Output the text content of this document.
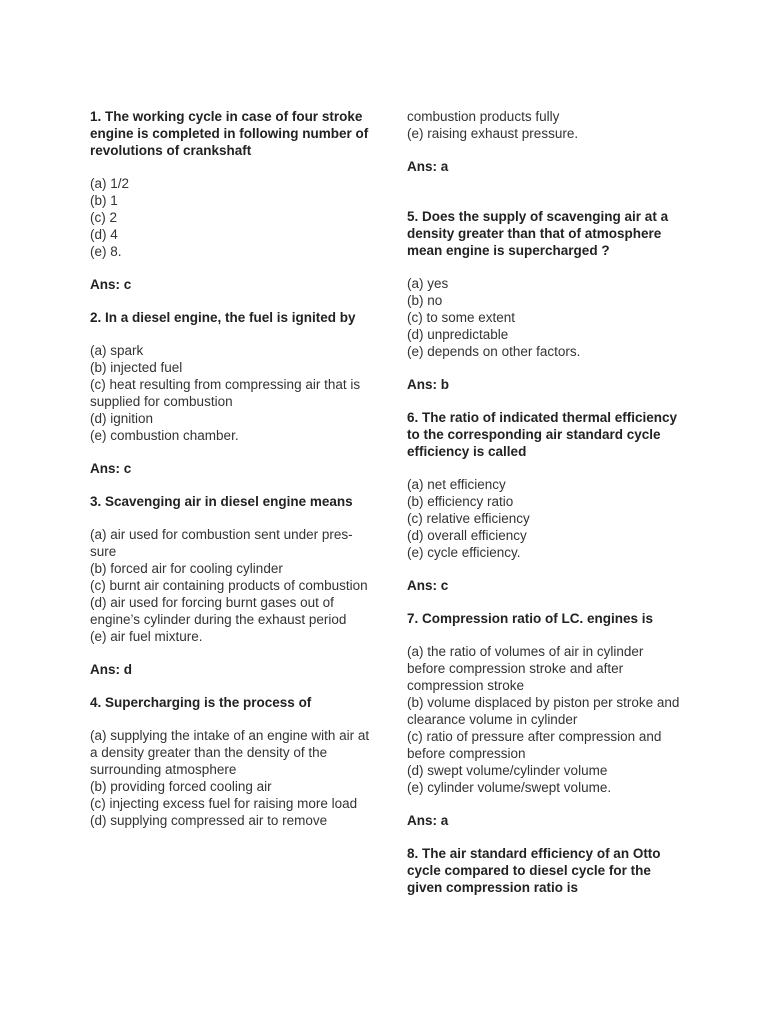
1. The working cycle in case of four stroke engine is completed in following number of revolutions of crankshaft

(a) 1/2
(b) 1
(c) 2
(d) 4
(e) 8.

Ans: c

2. In a diesel engine, the fuel is ignited by

(a) spark
(b) injected fuel
(c) heat resulting from compressing air that is supplied for combustion
(d) ignition
(e) combustion chamber.

Ans: c

3. Scavenging air in diesel engine means

(a) air used for combustion sent under pres-sure
(b) forced air for cooling cylinder
(c) burnt air containing products of combustion
(d) air used for forcing burnt gases out of engine’s cylinder during the exhaust period
(e) air fuel mixture.

Ans: d

4. Supercharging is the process of

(a) supplying the intake of an engine with air at a density greater than the density of the surrounding atmosphere
(b) providing forced cooling air
(c) injecting excess fuel for raising more load
(d) supplying compressed air to remove
combustion products fully
(e) raising exhaust pressure.

Ans: a

5. Does the supply of scavenging air at a density greater than that of atmosphere mean engine is supercharged ?

(a) yes
(b) no
(c) to some extent
(d) unpredictable
(e) depends on other factors.

Ans: b

6. The ratio of indicated thermal efficiency to the corresponding air standard cycle efficiency is called

(a) net efficiency
(b) efficiency ratio
(c) relative efficiency
(d) overall efficiency
(e) cycle efficiency.

Ans: c

7. Compression ratio of LC. engines is

(a) the ratio of volumes of air in cylinder before compression stroke and after compression stroke
(b) volume displaced by piston per stroke and clearance volume in cylinder
(c) ratio of pressure after compression and before compression
(d) swept volume/cylinder volume
(e) cylinder volume/swept volume.

Ans: a

8. The air standard efficiency of an Otto cycle compared to diesel cycle for the given compression ratio is
